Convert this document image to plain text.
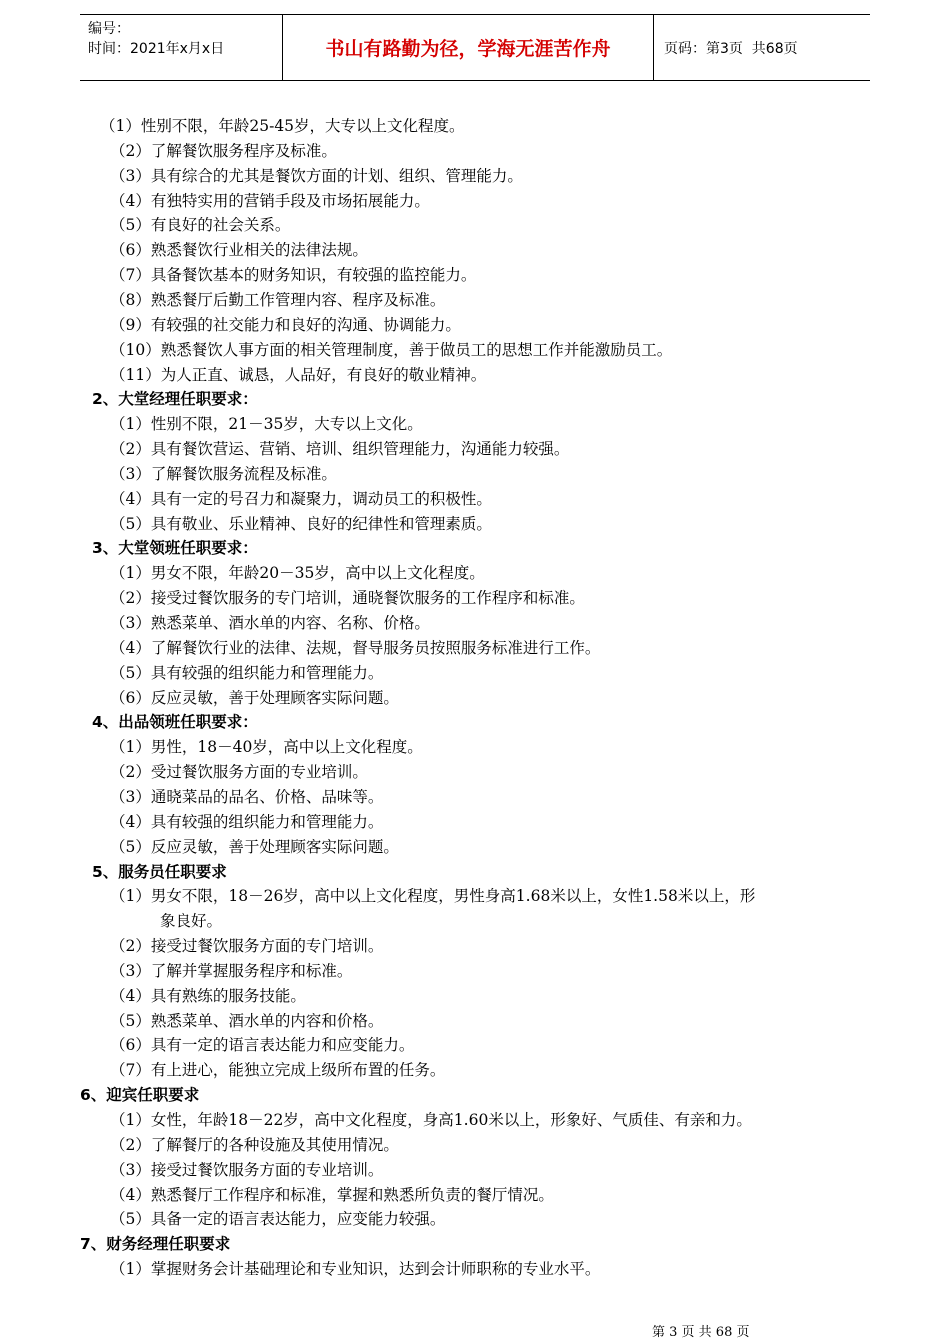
编号：
时间：2021年x月x日	书山有路勤为径，学海无涯苦作舟	页码：第3页  共68页
（1）性别不限，年龄25-45岁，大专以上文化程度。
（2）了解餐饮服务程序及标准。
（3）具有综合的尤其是餐饮方面的计划、组织、管理能力。
（4）有独特实用的营销手段及市场拓展能力。
（5）有良好的社会关系。
（6）熟悉餐饮行业相关的法律法规。
（7）具备餐饮基本的财务知识，有较强的监控能力。
（8）熟悉餐厅后勤工作管理内容、程序及标准。
（9）有较强的社交能力和良好的沟通、协调能力。
（10）熟悉餐饮人事方面的相关管理制度，善于做员工的思想工作并能激励员工。
（11）为人正直、诚恳，人品好，有良好的敬业精神。
2、大堂经理任职要求：
（1）性别不限，21－35岁，大专以上文化。
（2）具有餐饮营运、营销、培训、组织管理能力，沟通能力较强。
（3）了解餐饮服务流程及标准。
（4）具有一定的号召力和凝聚力，调动员工的积极性。
（5）具有敬业、乐业精神、良好的纪律性和管理素质。
3、大堂领班任职要求：
（1）男女不限，年龄20－35岁，高中以上文化程度。
（2）接受过餐饮服务的专门培训，通晓餐饮服务的工作程序和标准。
（3）熟悉菜单、酒水单的内容、名称、价格。
（4）了解餐饮行业的法律、法规，督导服务员按照服务标准进行工作。
（5）具有较强的组织能力和管理能力。
（6）反应灵敏，善于处理顾客实际问题。
4、出品领班任职要求：
（1）男性，18－40岁，高中以上文化程度。
（2）受过餐饮服务方面的专业培训。
（3）通晓菜品的品名、价格、品味等。
（4）具有较强的组织能力和管理能力。
（5）反应灵敏，善于处理顾客实际问题。
5、服务员任职要求
（1）男女不限，18－26岁，高中以上文化程度，男性身高1.68米以上，女性1.58米以上，形
象良好。
（2）接受过餐饮服务方面的专门培训。
（3）了解并掌握服务程序和标准。
（4）具有熟练的服务技能。
（5）熟悉菜单、酒水单的内容和价格。
（6）具有一定的语言表达能力和应变能力。
（7）有上进心，能独立完成上级所布置的任务。
6、迎宾任职要求
（1）女性，年龄18－22岁，高中文化程度，身高1.60米以上，形象好、气质佳、有亲和力。
（2）了解餐厅的各种设施及其使用情况。
（3）接受过餐饮服务方面的专业培训。
（4）熟悉餐厅工作程序和标准，掌握和熟悉所负责的餐厅情况。
（5）具备一定的语言表达能力，应变能力较强。
7、财务经理任职要求
（1）掌握财务会计基础理论和专业知识，达到会计师职称的专业水平。
第 3 页 共 68 页
